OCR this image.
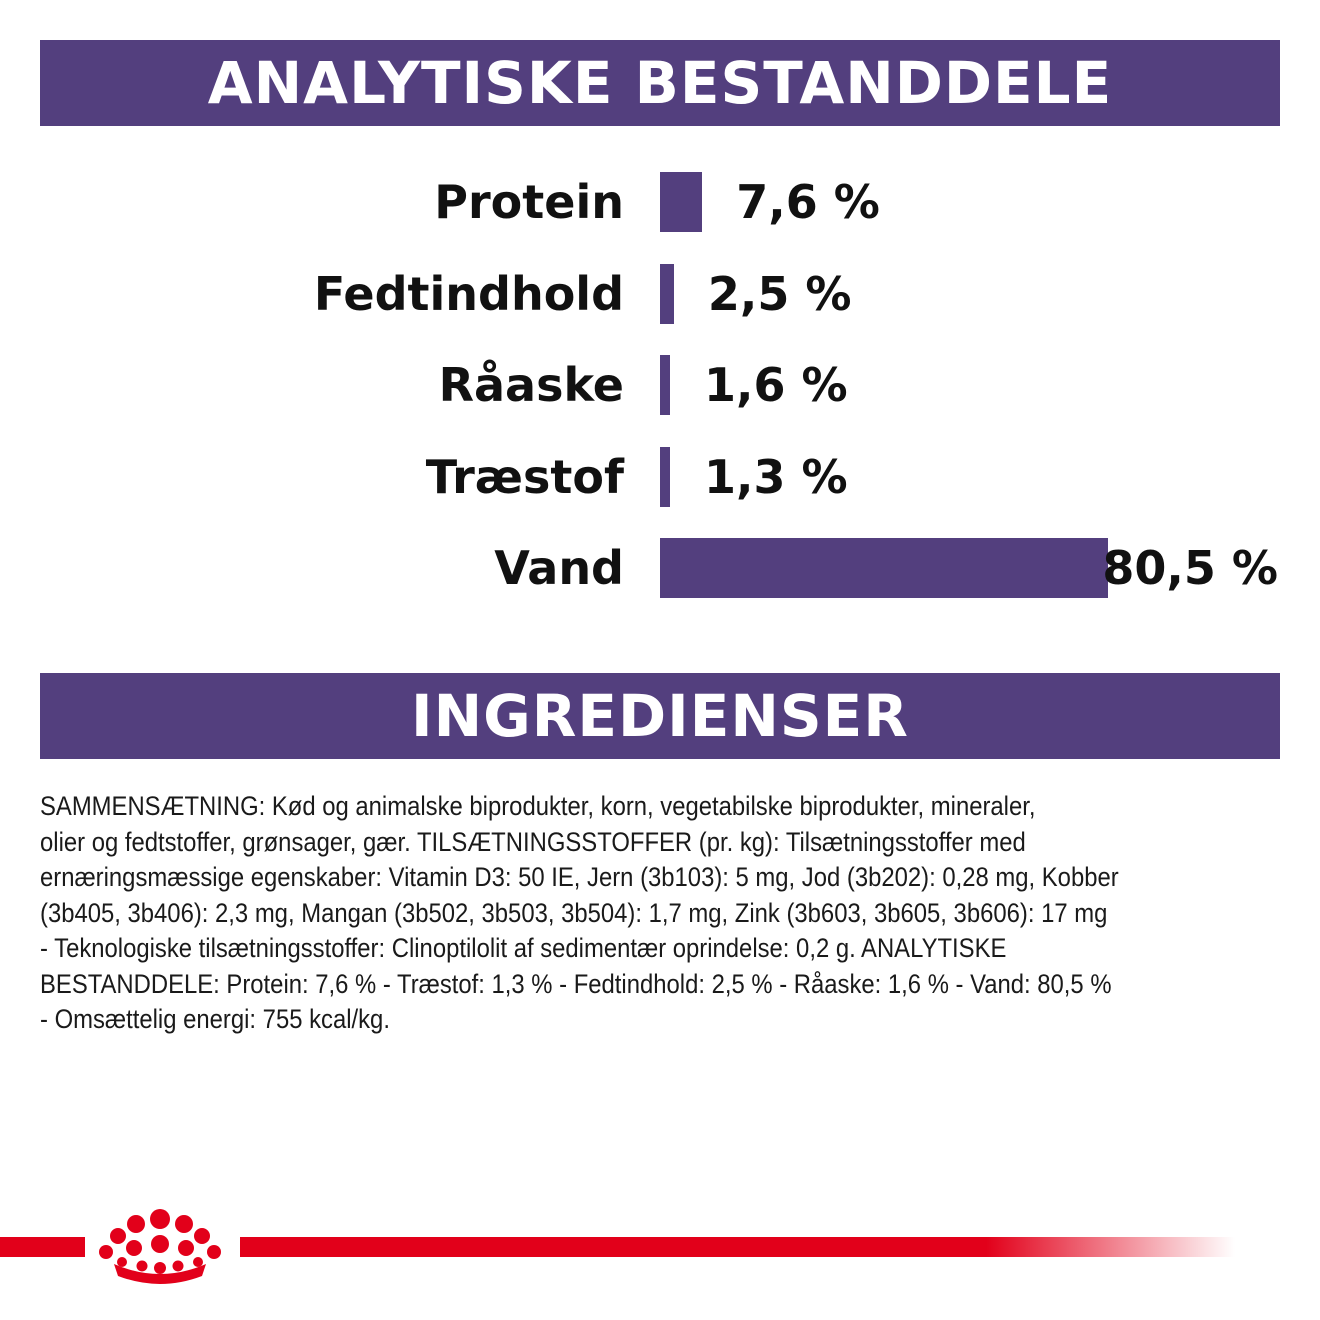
ANALYTISKE BESTANDDELE
Protein 7,6 %
Fedtindhold 2,5 %
Råaske 1,6 %
Træstof 1,3 %
Vand	80,5 %
INGREDIENSER

SAMMENSÆTNING: Kød og animalske biprodukter, korn, vegetabilske biprodukter, mineraler,

olier og fedtstoffer, grønsager, gær. TILSÆTNINGSSTOFFER (pr. kg): Tilsætningsstoffer med

ernæringsmæssige egenskaber: Vitamin D3: 50 IE, Jern (3b103): 5 mg, Jod (3b202): 0,28 mg, Kobber

(3b405, 3b406): 2,3 mg, Mangan (3b502, 3b503, 3b504): 1,7 mg, Zink (3b603, 3b605, 3b606): 17 mg

- Teknologiske tilsætningsstoffer: Clinoptilolit af sedimentær oprindelse: 0,2 g. ANALYTISKE

BESTANDDELE: Protein: 7,6 % - Træstof: 1,3 % - Fedtindhold: 2,5 % - Råaske: 1,6 % - Vand: 80,5 %

- Omsættelig energi: 755 kcal/kg.
